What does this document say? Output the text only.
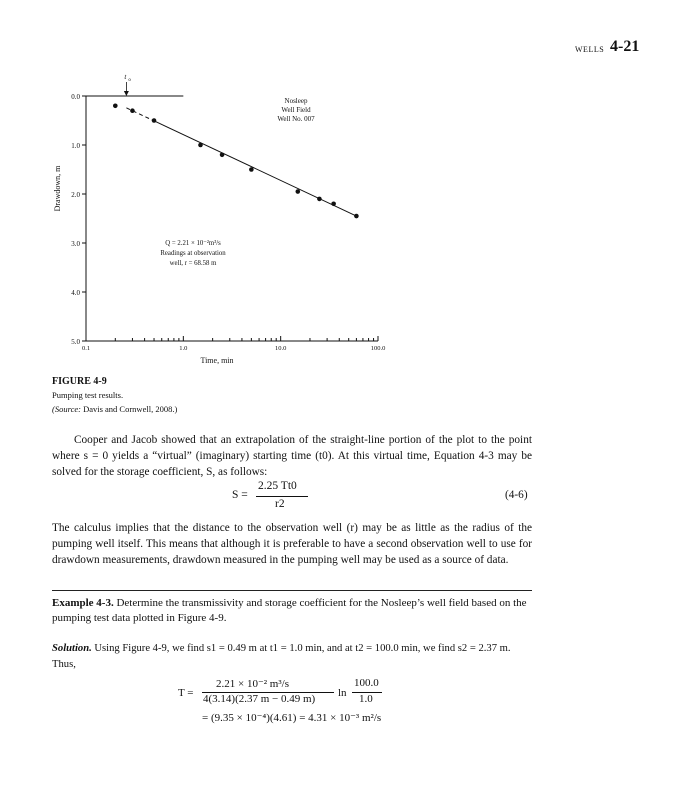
WELLS 4-21
0.0
1.0
2.0
3.0
4.0
5.0
0.1	1.0	10.0	100.0
Time, min
Drawdown, m
t o
Nosleep
Well Field
Well No. 007
Q = 2.21 × 10⁻²m³/s
Readings at observation
well, r = 68.58 m
FIGURE 4-9
Pumping test results.
(Source: Davis and Cornwell, 2008.)
Cooper and Jacob showed that an extrapolation of the straight-line portion of the plot to the point where s = 0 yields a “virtual” (imaginary) starting time (t0). At this virtual time, Equation 4-3 may be solved for the storage coefficient, S, as follows:
S =
2.25 Tt0
r2
(4-6)
The calculus implies that the distance to the observation well (r) may be as little as the radius of the pumping well itself. This means that although it is preferable to have a second observation well to use for drawdown measurements, drawdown measured in the pumping well may be used as a source of data.
Example 4-3. Determine the transmissivity and storage coefficient for the Nosleep’s well field based on the pumping test data plotted in Figure 4-9.
Solution. Using Figure 4-9, we find s1 = 0.49 m at t1 = 1.0 min, and at t2 = 100.0 min, we find s2 = 2.37 m. Thus,
T =
2.21 × 10⁻² m³/s
4(3.14)(2.37 m − 0.49 m) ln
100.0
1.0
= (9.35 × 10⁻⁴)(4.61) = 4.31 × 10⁻³ m²/s
